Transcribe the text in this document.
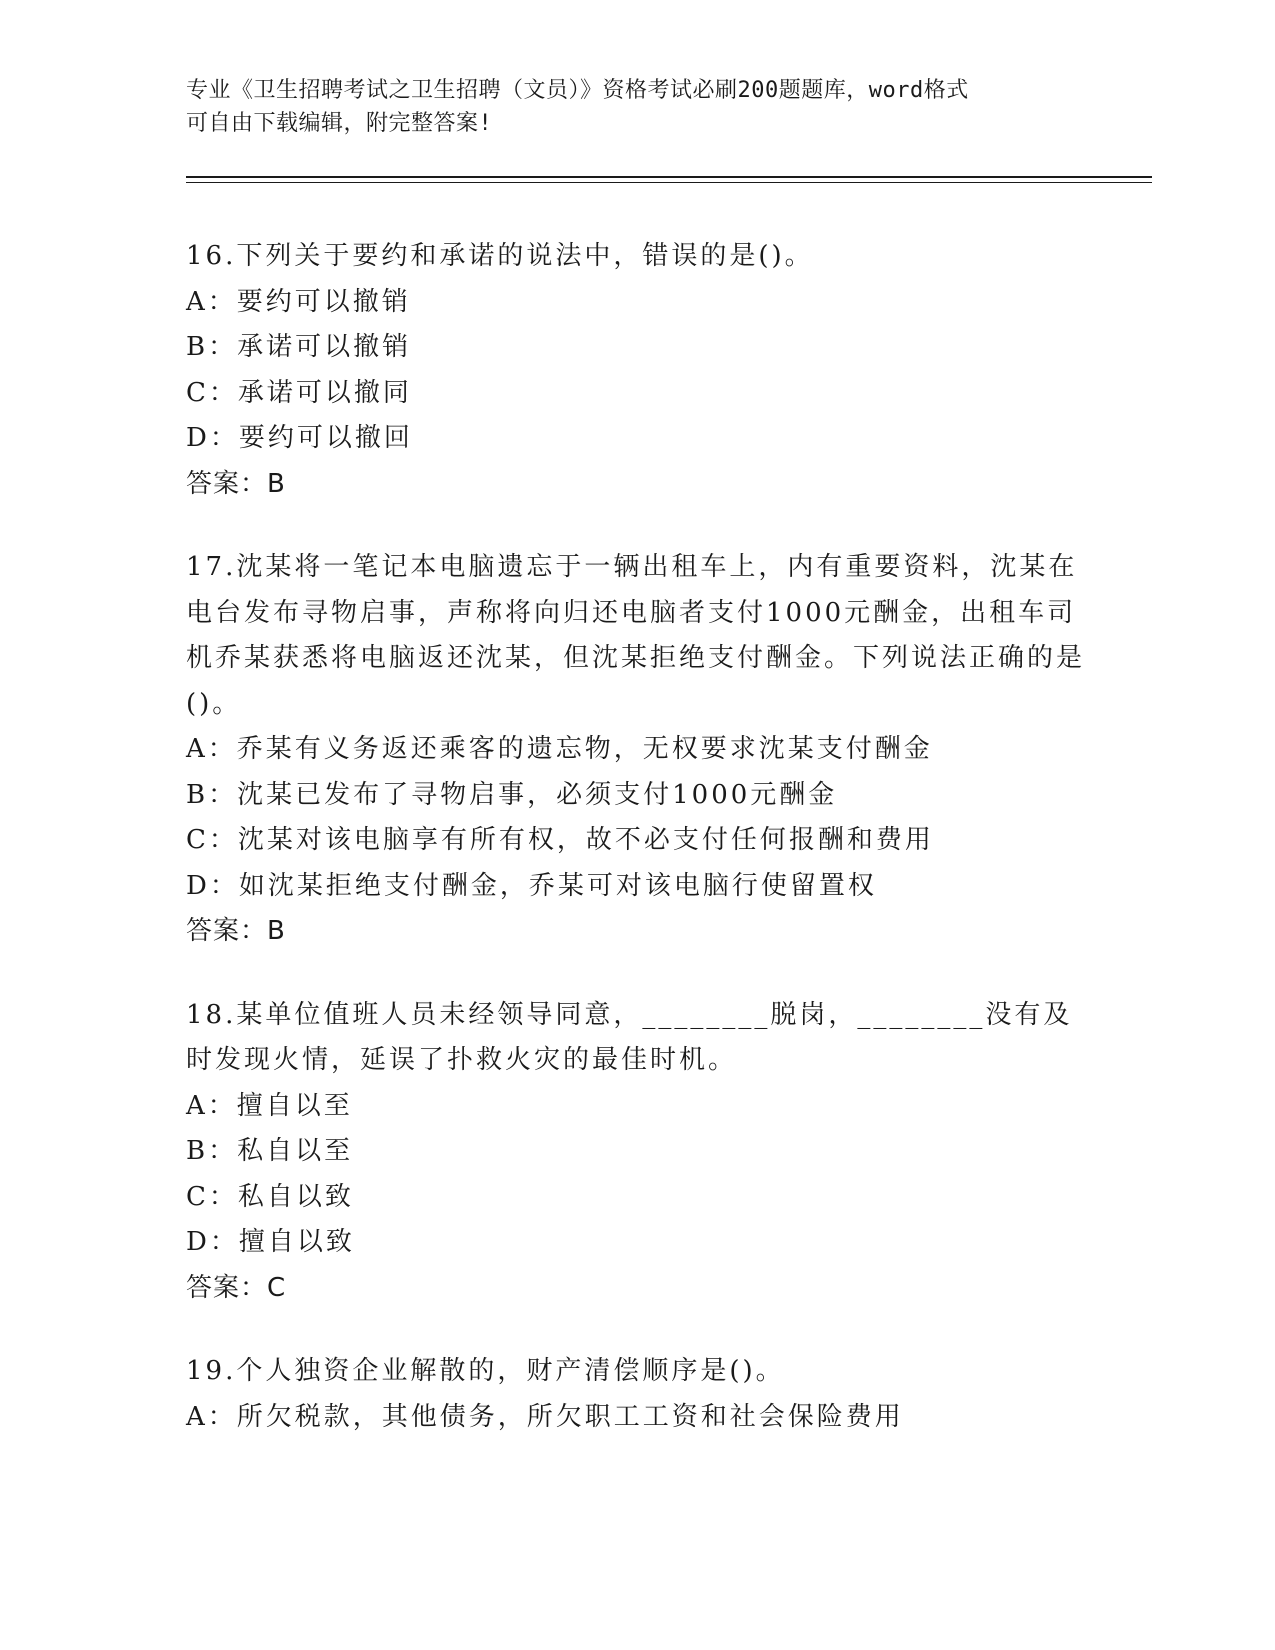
专业《卫生招聘考试之卫生招聘（文员）》资格考试必刷200题题库，word格式
可自由下载编辑，附完整答案!
16.下列关于要约和承诺的说法中，错误的是()。
A：要约可以撤销
B：承诺可以撤销
C：承诺可以撤同
D：要约可以撤回
答案：B
17.沈某将一笔记本电脑遗忘于一辆出租车上，内有重要资料，沈某在电台发布寻物启事，声称将向归还电脑者支付1000元酬金，出租车司机乔某获悉将电脑返还沈某，但沈某拒绝支付酬金。下列说法正确的是()。
A：乔某有义务返还乘客的遗忘物，无权要求沈某支付酬金
B：沈某已发布了寻物启事，必须支付1000元酬金
C：沈某对该电脑享有所有权，故不必支付任何报酬和费用
D：如沈某拒绝支付酬金，乔某可对该电脑行使留置权
答案：B
18.某单位值班人员未经领导同意，________脱岗，________没有及时发现火情，延误了扑救火灾的最佳时机。
A：擅自以至
B：私自以至
C：私自以致
D：擅自以致
答案：C
19.个人独资企业解散的，财产清偿顺序是()。
A：所欠税款，其他债务，所欠职工工资和社会保险费用
